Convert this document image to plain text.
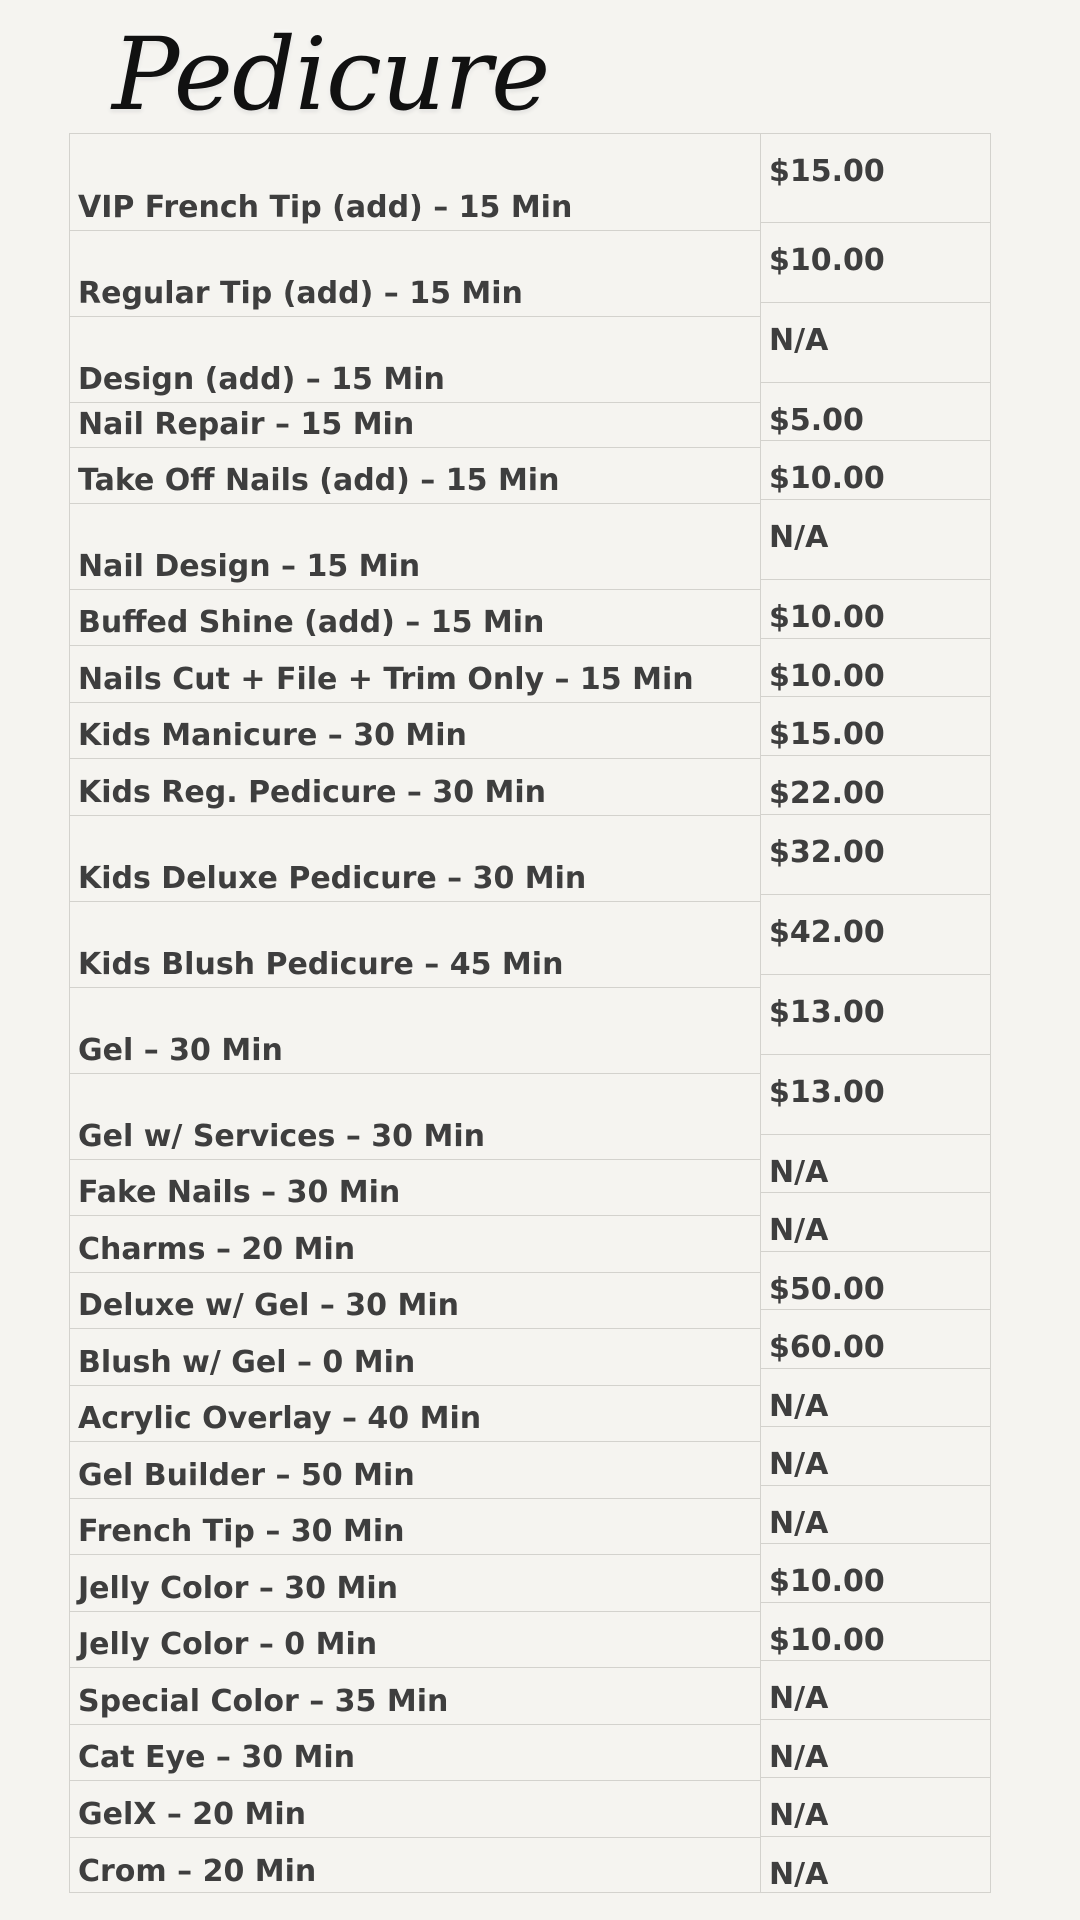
Pedicure
VIP French Tip (add) – 15 Min
Regular Tip (add) – 15 Min
Design (add) – 15 Min
Nail Repair – 15 Min
Take Off Nails (add) – 15 Min
Nail Design – 15 Min
Buffed Shine (add) – 15 Min
Nails Cut + File + Trim Only – 15 Min
Kids Manicure – 30 Min
Kids Reg. Pedicure – 30 Min
Kids Deluxe Pedicure – 30 Min
Kids Blush Pedicure – 45 Min
Gel – 30 Min
Gel w/ Services – 30 Min
Fake Nails – 30 Min
Charms – 20 Min
Deluxe w/ Gel – 30 Min
Blush w/ Gel – 0 Min
Acrylic Overlay – 40 Min
Gel Builder – 50 Min
French Tip – 30 Min
Jelly Color – 30 Min
Jelly Color – 0 Min
Special Color – 35 Min
Cat Eye – 30 Min
GelX – 20 Min
Crom – 20 Min
$15.00
$10.00
N/A
$5.00
$10.00
N/A
$10.00
$10.00
$15.00
$22.00
$32.00
$42.00
$13.00
$13.00
N/A
N/A
$50.00
$60.00
N/A
N/A
N/A
$10.00
$10.00
N/A
N/A
N/A
N/A
